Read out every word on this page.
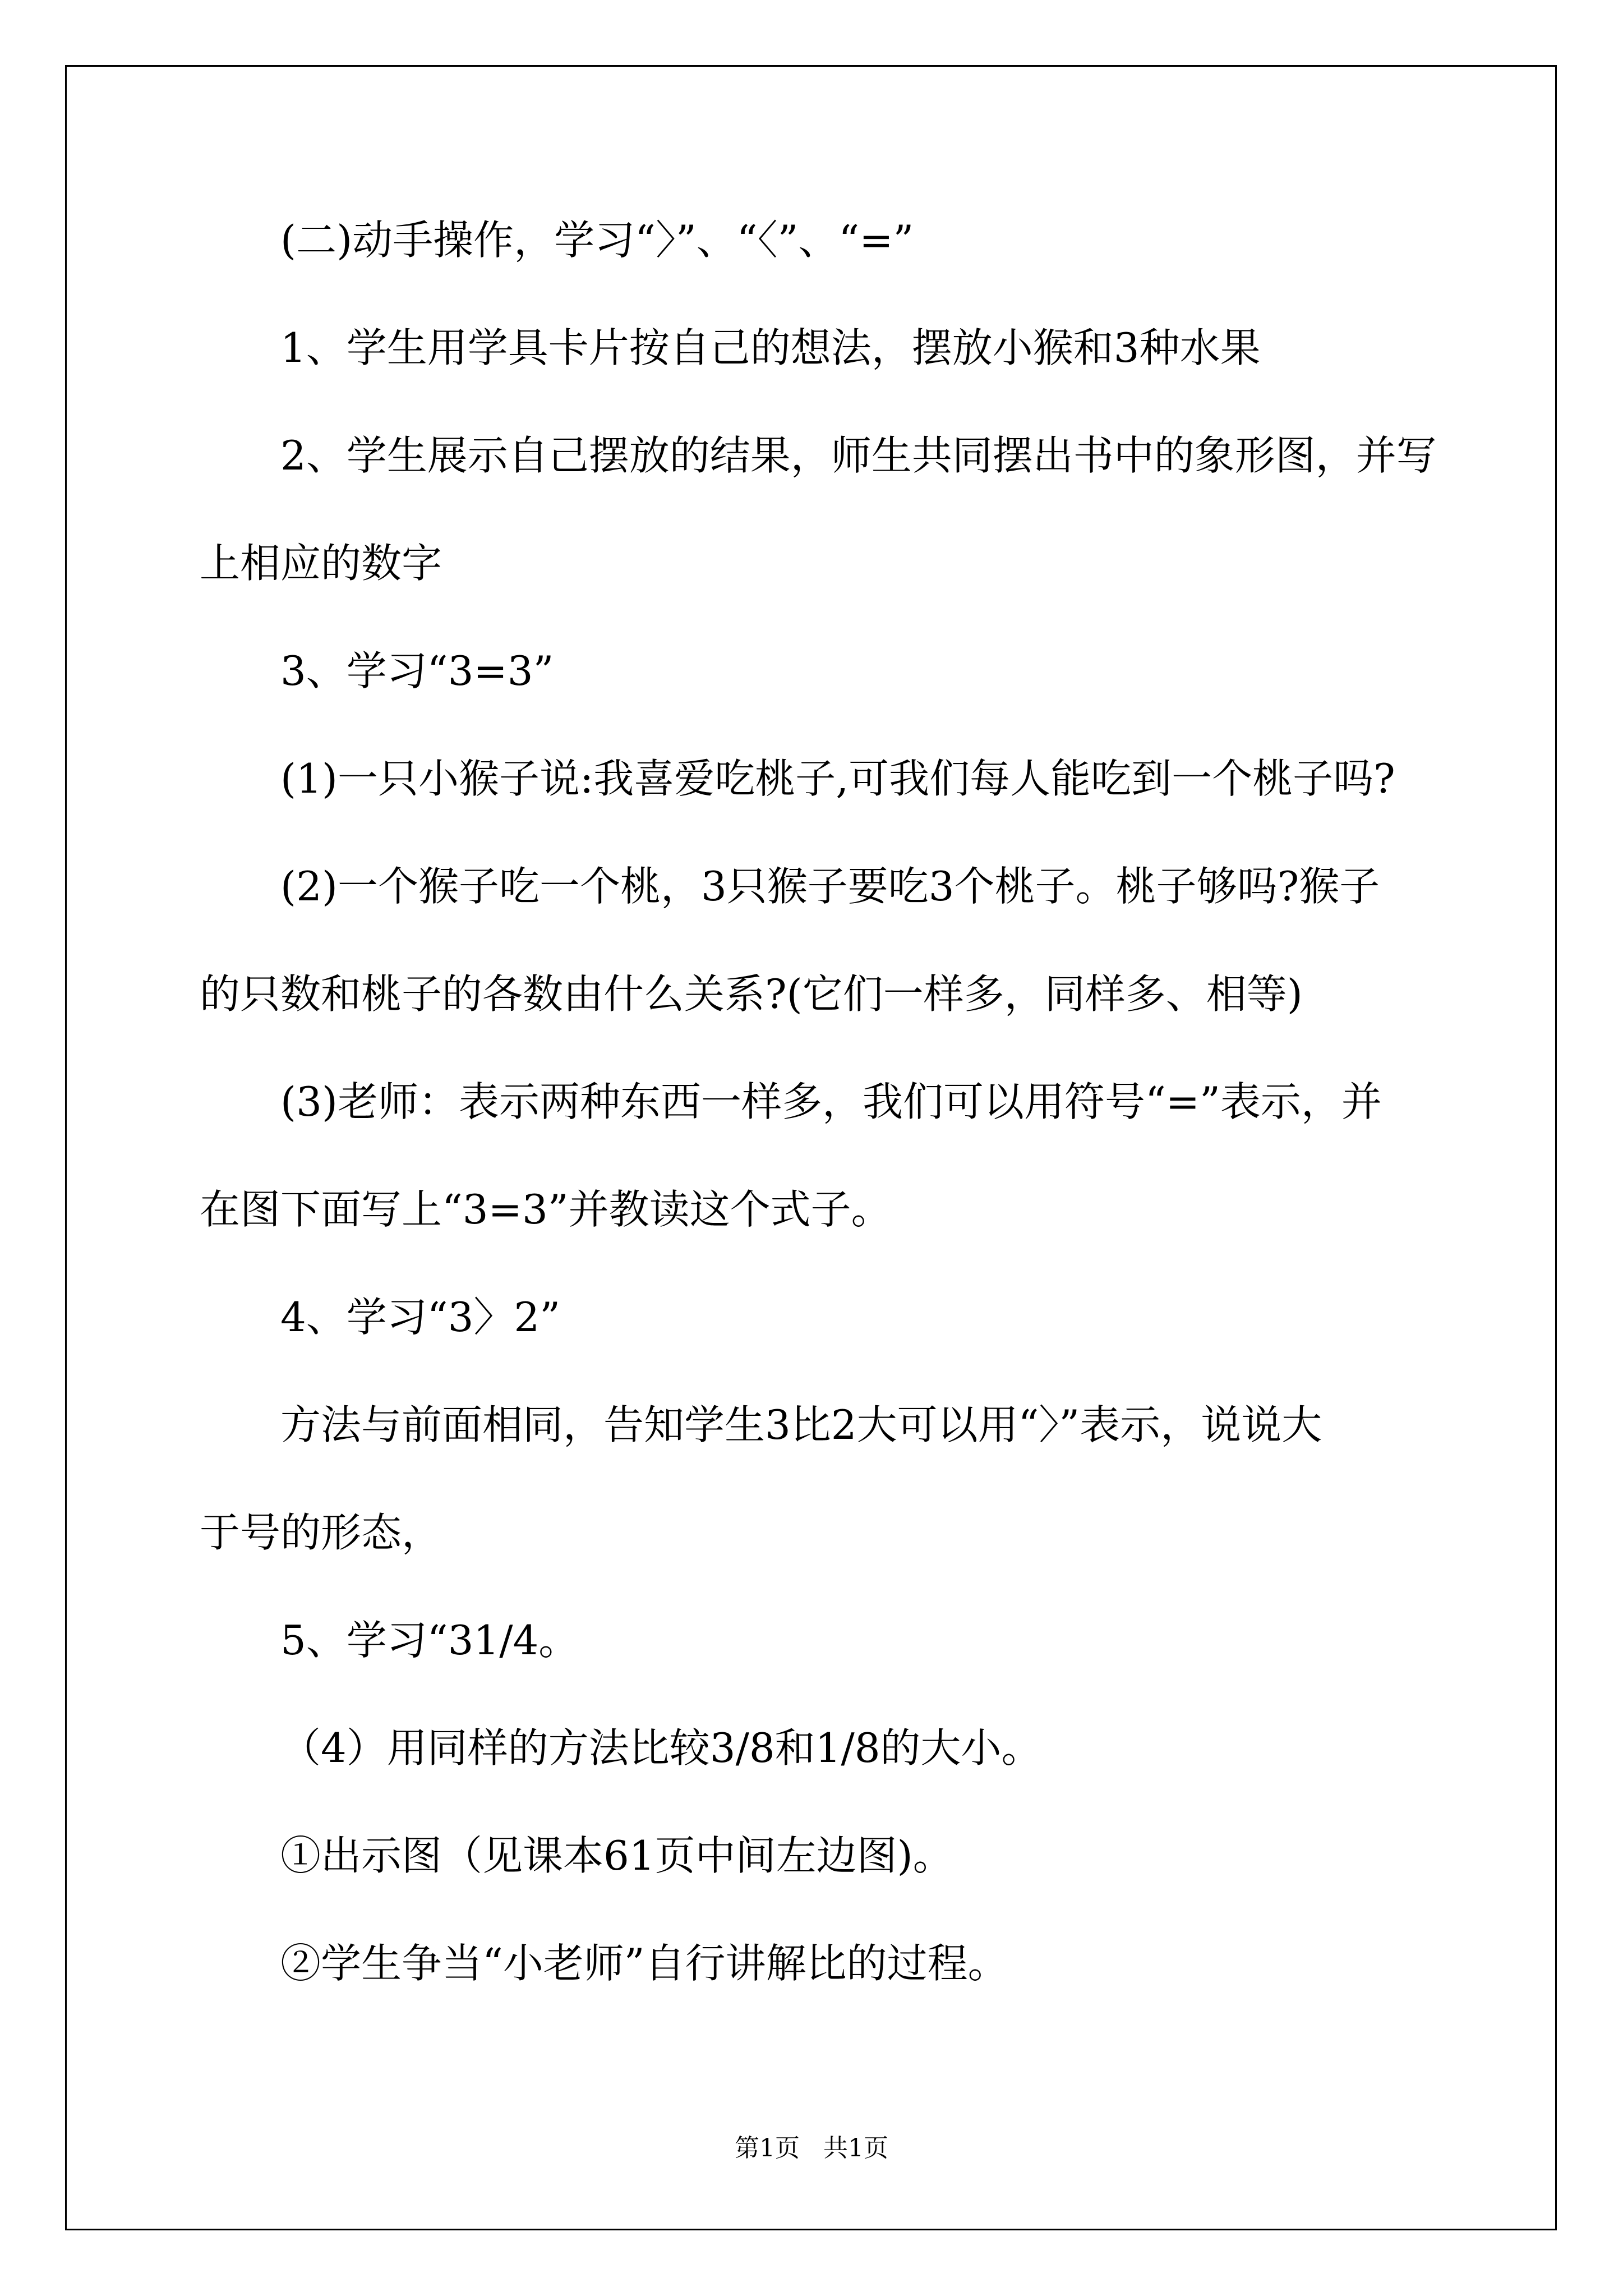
(二)动手操作，学习“〉”、“〈”、“=”

1、学生用学具卡片按自己的想法，摆放小猴和3种水果

2、学生展示自己摆放的结果，师生共同摆出书中的象形图，并写

上相应的数字

3、学习“3=3”

(1)一只小猴子说:我喜爱吃桃子,可我们每人能吃到一个桃子吗?

(2)一个猴子吃一个桃，3只猴子要吃3个桃子。桃子够吗?猴子

的只数和桃子的各数由什么关系?(它们一样多，同样多、相等)

(3)老师：表示两种东西一样多，我们可以用符号“=”表示，并

在图下面写上“3=3”并教读这个式子。

4、学习“3〉2”

方法与前面相同，告知学生3比2大可以用“〉”表示，说说大

于号的形态，

5、学习“31/4。

（4）用同样的方法比较3/8和1/8的大小。

①出示图（见课本61页中间左边图)。

②学生争当“小老师”自行讲解比的过程。

第1页   共1页
